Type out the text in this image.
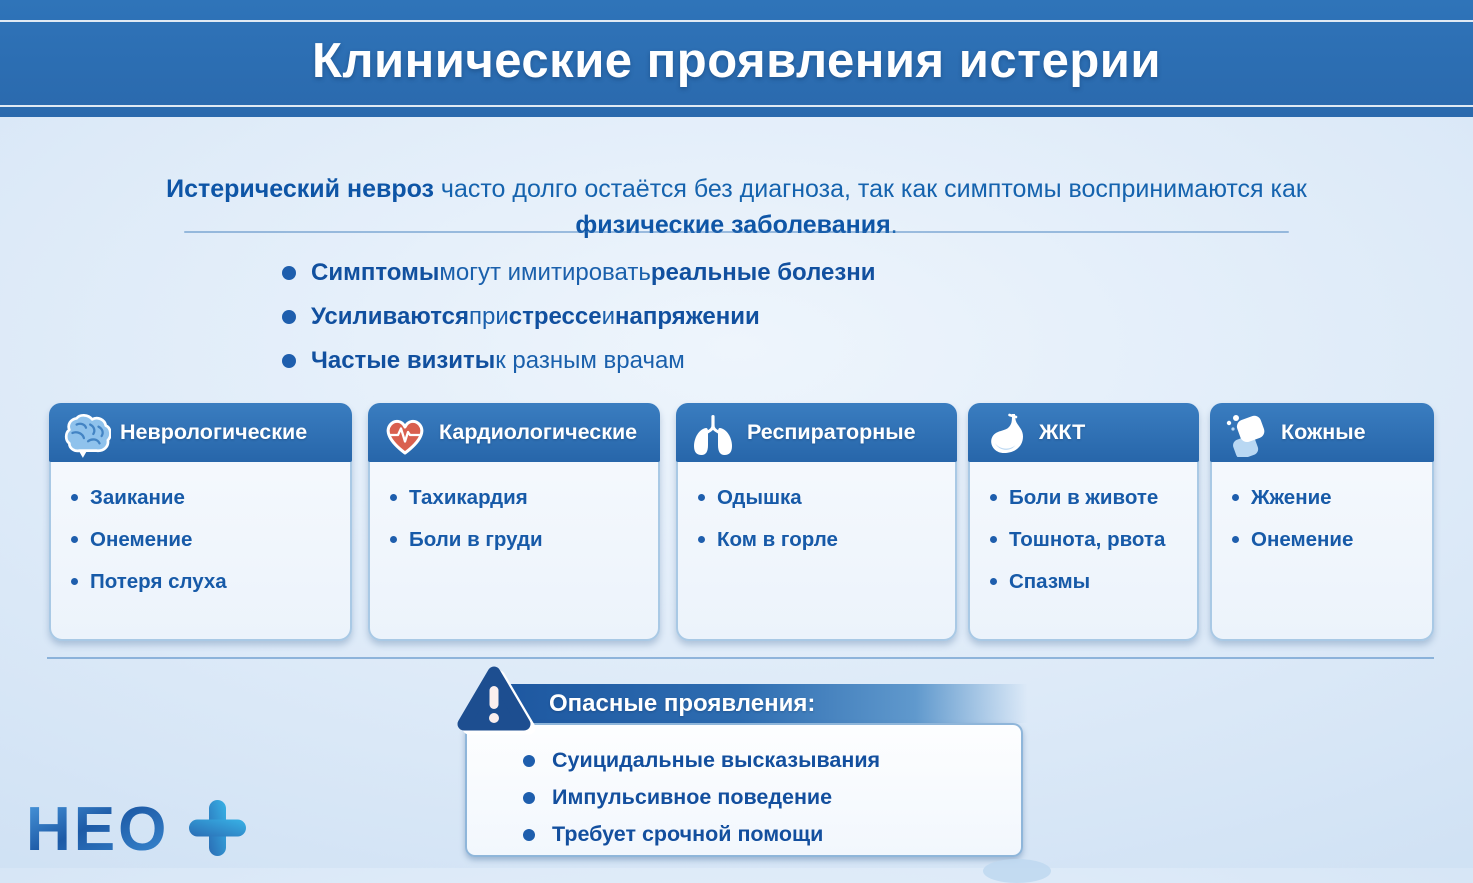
Клинические проявления истерии

Истерический невроз часто долго остаётся без диагноза, так как симптомы воспринимаются как физические заболевания.

Симптомы могут имитировать реальные болезни
Усиливаются при стрессе и напряжении
Частые визиты к разным врачам
Неврологические
Заикание
Онемение
Потеря слуха
Кардиологические
Тахикардия
Боли в груди
Респираторные
Одышка
Ком в горле
ЖКТ
Боли в животе
Тошнота, рвота
Спазмы
Кожные
Жжение
Онемение
Опасные проявления:
Суицидальные высказывания
Импульсивное поведение
Требует срочной помощи
НЕО
